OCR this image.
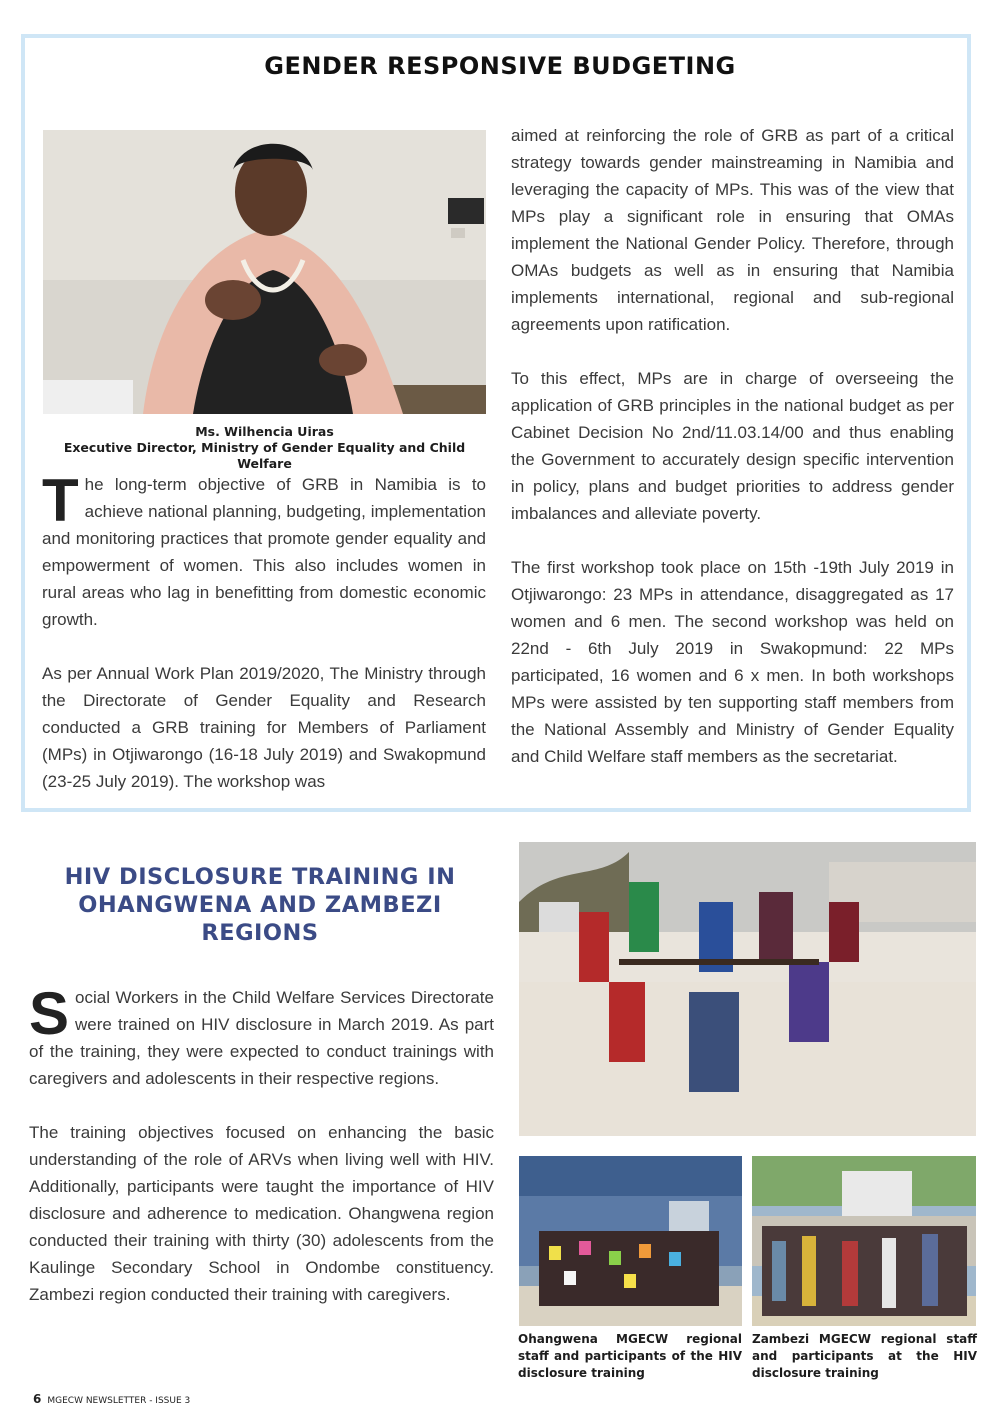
GENDER RESPONSIVE BUDGETING
Ms. Wilhencia Uiras
Executive Director, Ministry of Gender Equality and Child Welfare

The long-term objective of GRB in Namibia is to achieve national planning, budgeting, implementation and monitoring practices that promote gender equality and empowerment of women. This also includes women in rural areas who lag in benefitting from domestic economic growth.

As per Annual Work Plan 2019/2020, The Ministry through the Directorate of Gender Equality and Research conducted a GRB training for Members of Parliament (MPs) in Otjiwarongo (16-18 July 2019) and Swakopmund (23-25 July 2019). The workshop was

aimed at reinforcing the role of GRB as part of a critical strategy towards gender mainstreaming in Namibia and leveraging the capacity of MPs. This was of the view that MPs play a significant role in ensuring that OMAs implement the National Gender Policy. Therefore, through OMAs budgets as well as in ensuring that Namibia implements international, regional and sub-regional agreements upon ratification.

To this effect, MPs are in charge of overseeing the application of GRB principles in the national budget as per Cabinet Decision No 2nd/11.03.14/00 and thus enabling the Government to accurately design specific intervention in policy, plans and budget priorities to address gender imbalances and alleviate poverty.

The first workshop took place on 15th -19th July 2019 in Otjiwarongo: 23 MPs in attendance, disaggregated as 17 women and 6 men. The second workshop was held on 22nd - 6th July 2019 in Swakopmund: 22 MPs participated, 16 women and 6 x men. In both workshops MPs were assisted by ten supporting staff members from the National Assembly and Ministry of Gender Equality and Child Welfare staff members as the secretariat.

HIV DISCLOSURE TRAINING IN OHANGWENA AND ZAMBEZI REGIONS

Social Workers in the Child Welfare Services Directorate were trained on HIV disclosure in March 2019. As part of the training, they were expected to conduct trainings with caregivers and adolescents in their respective regions.

The training objectives focused on enhancing the basic understanding of the role of ARVs when living well with HIV. Additionally, participants were taught the importance of HIV disclosure and adherence to medication. Ohangwena region conducted their training with thirty (30) adolescents from the Kaulinge Secondary School in Ondombe constituency. Zambezi region conducted their training with caregivers.

Ohangwena MGECW regional staff and participants of the HIV disclosure training
Zambezi MGECW regional staff and participants at the HIV disclosure training
6 MGECW NEWSLETTER - ISSUE 3
